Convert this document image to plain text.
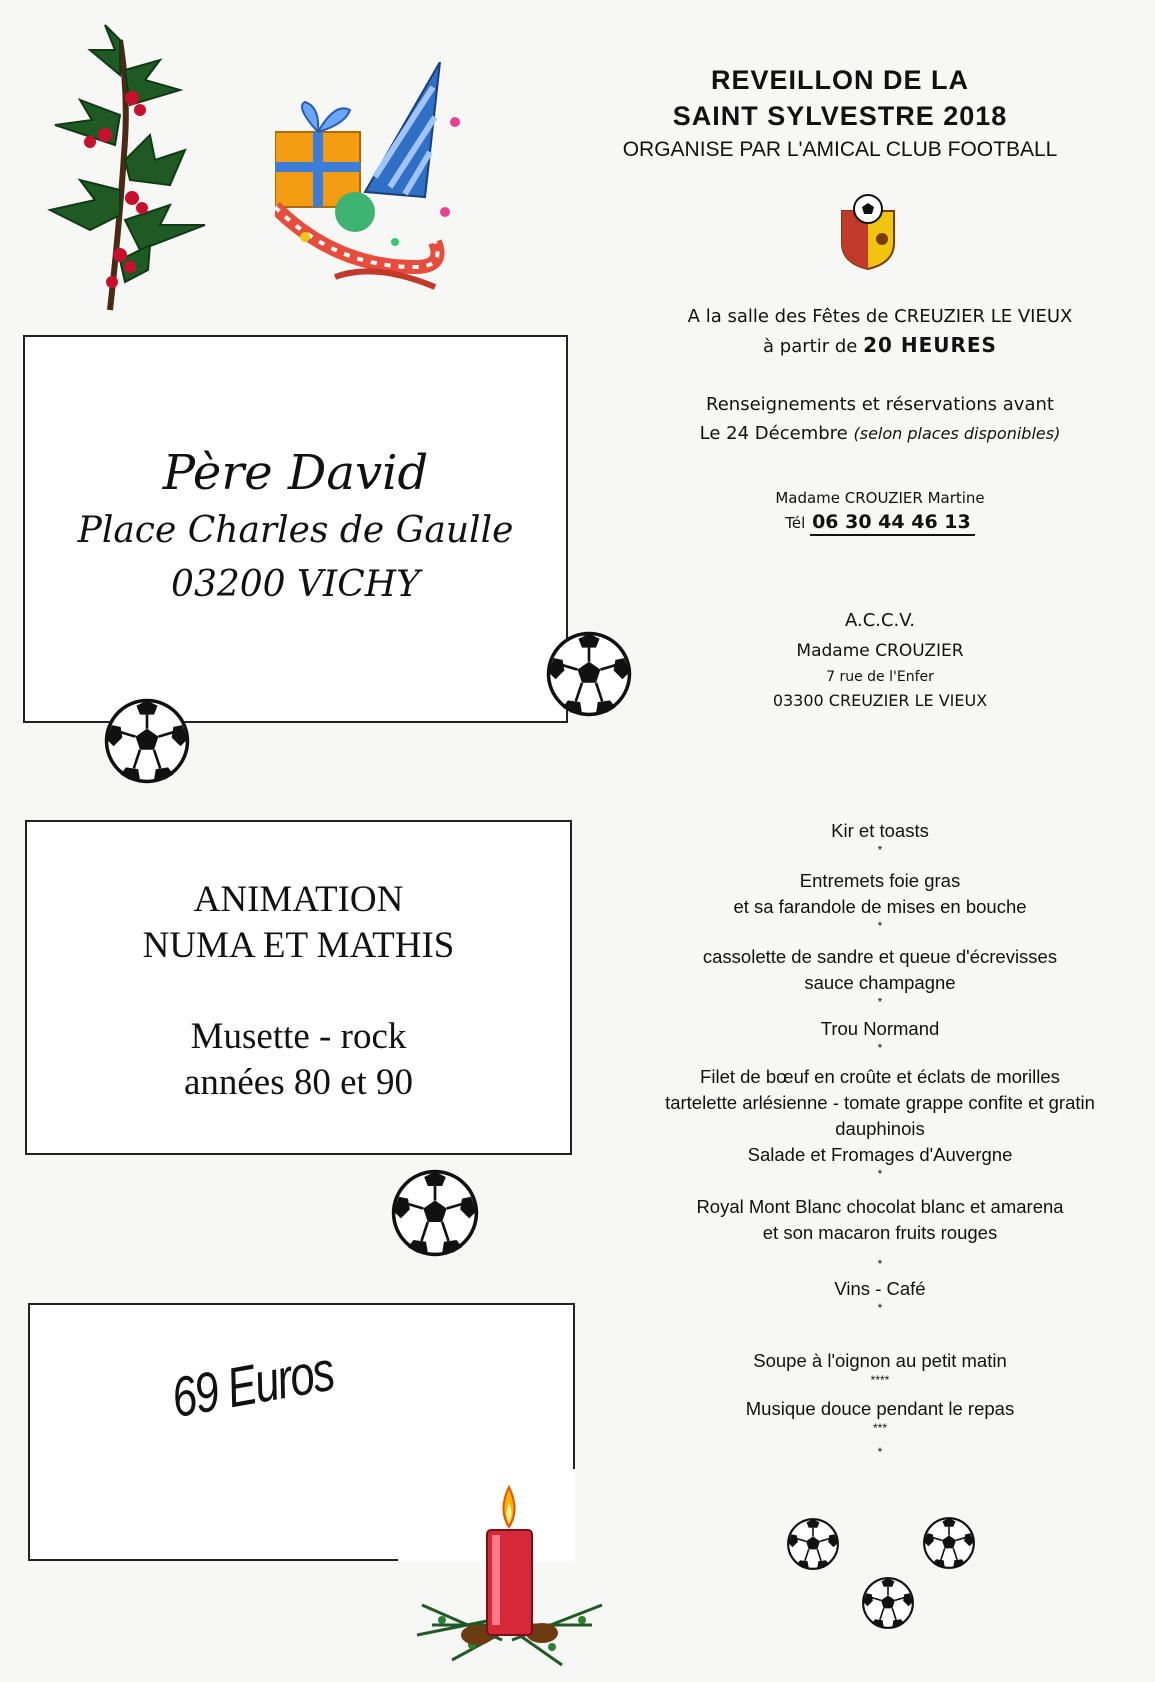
REVEILLON DE LA
SAINT SYLVESTRE 2018
ORGANISE PAR L'AMICAL CLUB FOOTBALL
A la salle des Fêtes de CREUZIER LE VIEUX
à partir de 20 HEURES
Renseignements et réservations avant
Le 24 Décembre (selon places disponibles)
Madame CROUZIER Martine
Tél 06 30 44 46 13
A.C.C.V.
Madame CROUZIER
7 rue de l'Enfer
03300 CREUZIER LE VIEUX
Père David
Place Charles de Gaulle
03200 VICHY
ANIMATION
NUMA ET MATHIS
Musette - rock
années 80 et 90
69 Euros
Kir et toasts
*
Entremets foie gras
et sa farandole de mises en bouche
*
cassolette de sandre et queue d'écrevisses
sauce champagne
*
Trou Normand
*
Filet de bœuf en croûte et éclats de morilles
tartelette arlésienne - tomate grappe confite et gratin
dauphinois
Salade et Fromages d'Auvergne
*
Royal Mont Blanc chocolat blanc et amarena
et son macaron fruits rouges
*
Vins - Café
*
Soupe à l'oignon au petit matin
****
Musique douce pendant le repas
***
*
